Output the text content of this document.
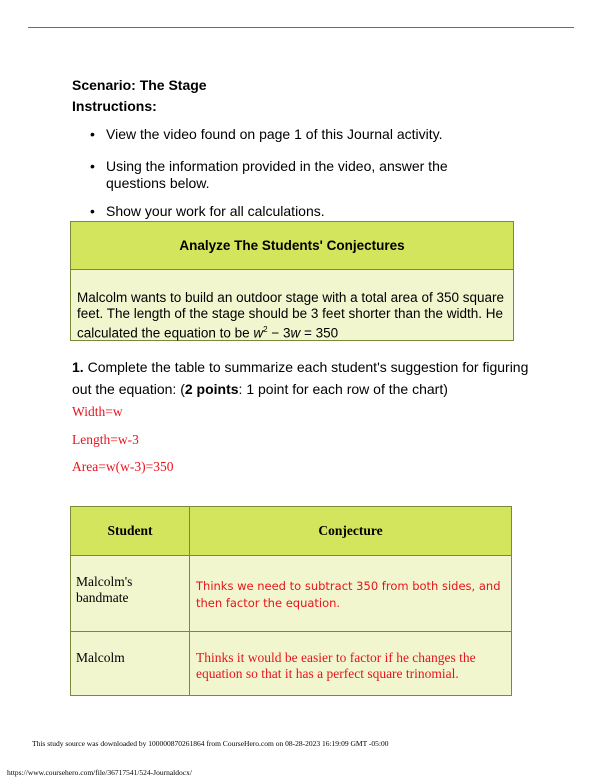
Scenario: The Stage
Instructions:
• View the video found on page 1 of this Journal activity.
• Using the information provided in the video, answer the questions below.
• Show your work for all calculations.
Analyze The Students' Conjectures
Malcolm wants to build an outdoor stage with a total area of 350 square feet. The length of the stage should be 3 feet shorter than the width. He calculated the equation to be $w^2 - 3w = 350$
1. Complete the table to summarize each student's suggestion for figuring out the equation: (2 points: 1 point for each row of the chart)
Width=w
Length=w-3
Area=w(w-3)=350
Student	Conjecture
Malcolm's bandmate	Thinks we need to subtract 350 from both sides, and then factor the equation.
Malcolm	Thinks it would be easier to factor if he changes the equation so that it has a perfect square trinomial.
This study source was downloaded by 100000870261864 from CourseHero.com on 08-28-2023 16:19:09 GMT -05:00
https://www.coursehero.com/file/36717541/524-Journaldocx/
